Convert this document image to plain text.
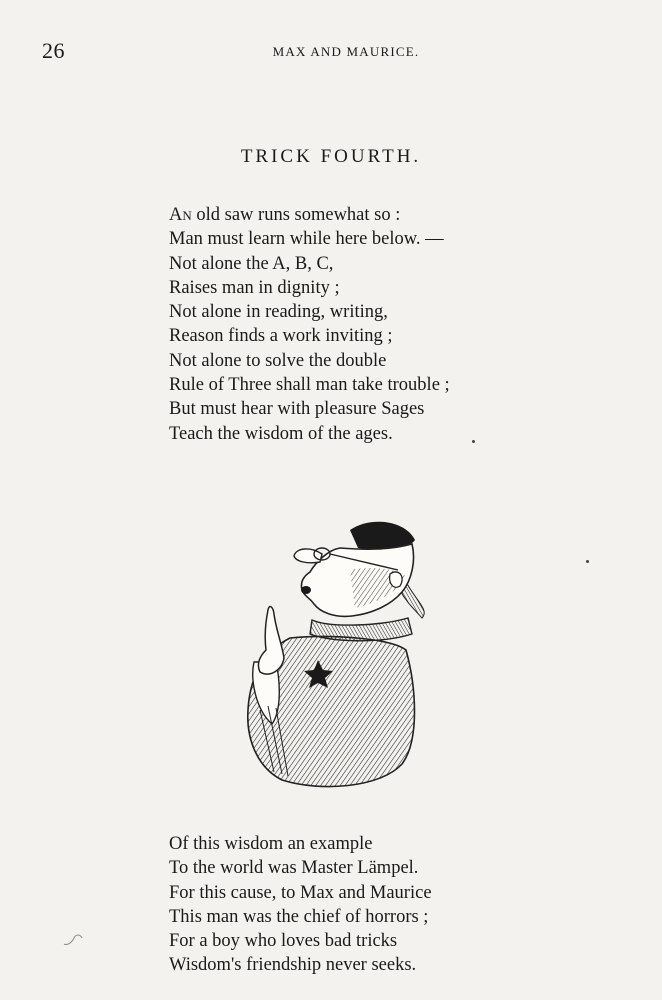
26	MAX AND MAURICE.
TRICK FOURTH.
An old saw runs somewhat so :
Man must learn while here below. —
Not alone the A, B, C,
Raises man in dignity ;
Not alone in reading, writing,
Reason finds a work inviting ;
Not alone to solve the double
Rule of Three shall man take trouble ;
But must hear with pleasure Sages
Teach the wisdom of the ages.
Of this wisdom an example
To the world was Master Lämpel.
For this cause, to Max and Maurice
This man was the chief of horrors ;
For a boy who loves bad tricks
Wisdom's friendship never seeks.
